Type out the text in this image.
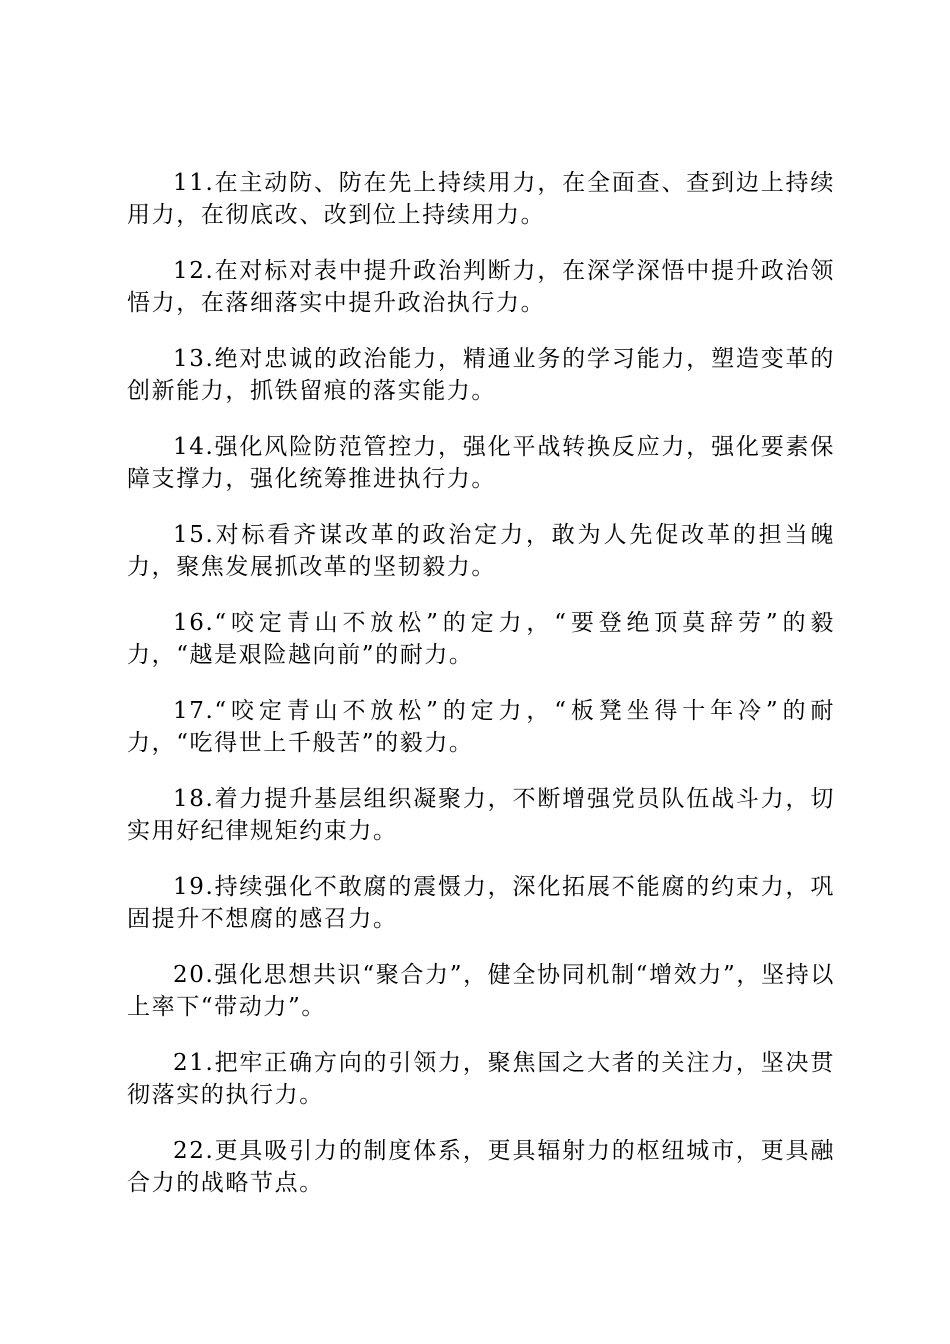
11.在主动防、防在先上持续用力，在全面查、查到边上持续用力，在彻底改、改到位上持续用力。

12.在对标对表中提升政治判断力，在深学深悟中提升政治领悟力，在落细落实中提升政治执行力。

13.绝对忠诚的政治能力，精通业务的学习能力，塑造变革的创新能力，抓铁留痕的落实能力。

14.强化风险防范管控力，强化平战转换反应力，强化要素保障支撑力，强化统筹推进执行力。

15.对标看齐谋改革的政治定力，敢为人先促改革的担当魄力，聚焦发展抓改革的坚韧毅力。

16.“咬定青山不放松”的定力，“要登绝顶莫辞劳”的毅力，“越是艰险越向前”的耐力。

17.“咬定青山不放松”的定力，“板凳坐得十年冷”的耐力，“吃得世上千般苦”的毅力。

18.着力提升基层组织凝聚力，不断增强党员队伍战斗力，切实用好纪律规矩约束力。

19.持续强化不敢腐的震慑力，深化拓展不能腐的约束力，巩固提升不想腐的感召力。

20.强化思想共识“聚合力”，健全协同机制“增效力”，坚持以上率下“带动力”。

21.把牢正确方向的引领力，聚焦国之大者的关注力，坚决贯彻落实的执行力。

22.更具吸引力的制度体系，更具辐射力的枢纽城市，更具融合力的战略节点。
